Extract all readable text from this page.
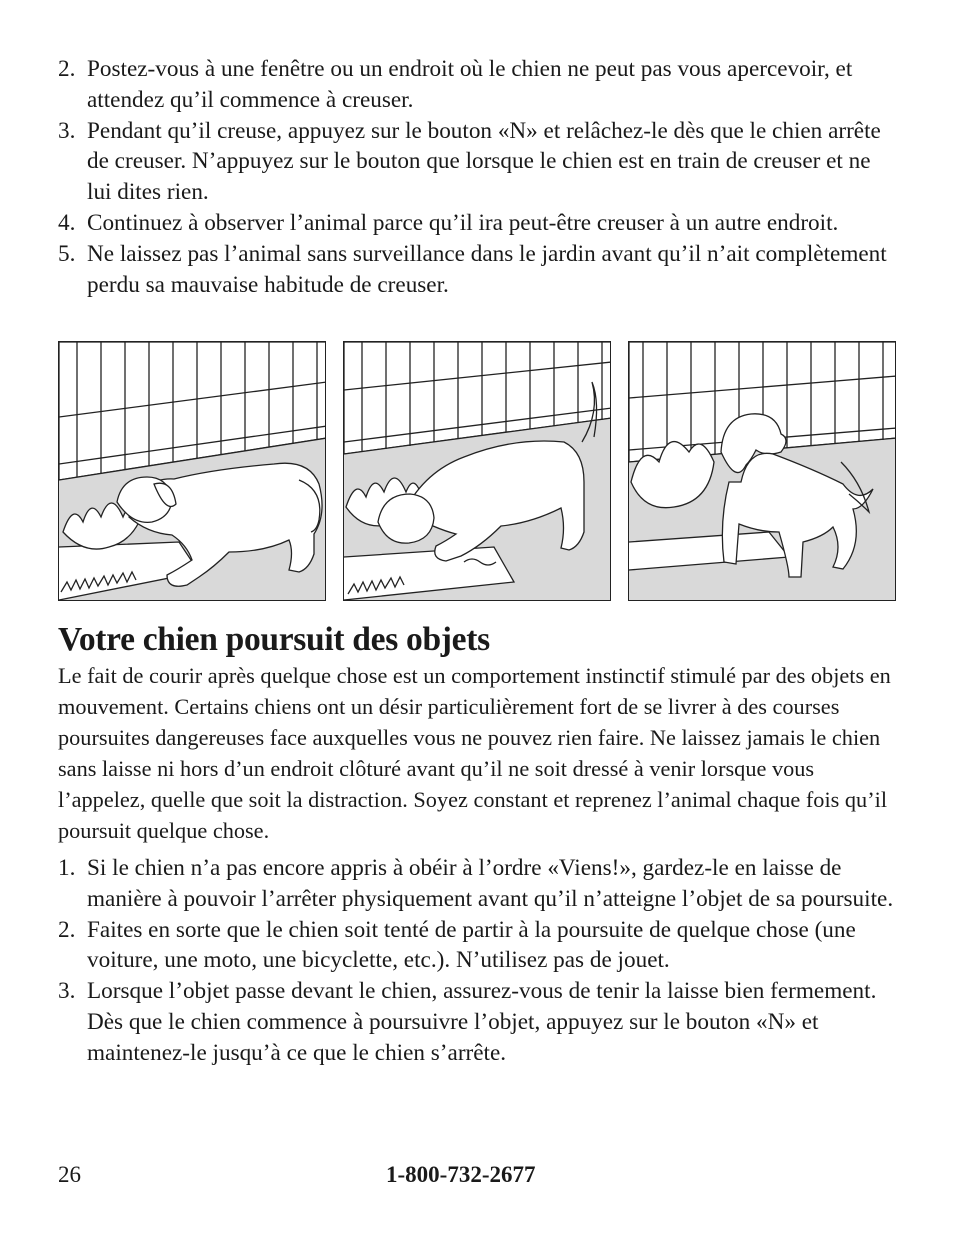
2. Postez-vous à une fenêtre ou un endroit où le chien ne peut pas vous apercevoir, et attendez qu’il commence à creuser.
3. Pendant qu’il creuse, appuyez sur le bouton «N» et relâchez-le dès que le chien arrête de creuser. N’appuyez sur le bouton que lorsque le chien est en train de creuser et ne lui dites rien.
4. Continuez à observer l’animal parce qu’il ira peut-être creuser à un autre endroit.
5. Ne laissez pas l’animal sans surveillance dans le jardin avant qu’il n’ait complètement perdu sa mauvaise habitude de creuser.
Votre chien poursuit des objets

Le fait de courir après quelque chose est un comportement instinctif stimulé par des objets en mouvement. Certains chiens ont un désir particulièrement fort de se livrer à des courses poursuites dangereuses face auxquelles vous ne pouvez rien faire. Ne laissez jamais le chien sans laisse ni hors d’un endroit clôturé avant qu’il ne soit dressé à venir lorsque vous l’appelez, quelle que soit la distraction. Soyez constant et reprenez l’animal chaque fois qu’il poursuit quelque chose.

1. Si le chien n’a pas encore appris à obéir à l’ordre «Viens!», gardez-le en laisse de manière à pouvoir l’arrêter physiquement avant qu’il n’atteigne l’objet de sa poursuite.
2. Faites en sorte que le chien soit tenté de partir à la poursuite de quelque chose (une voiture, une moto, une bicyclette, etc.). N’utilisez pas de jouet.
3. Lorsque l’objet passe devant le chien, assurez-vous de tenir la laisse bien fermement. Dès que le chien commence à poursuivre l’objet, appuyez sur le bouton «N» et maintenez-le jusqu’à ce que le chien s’arrête.
26	1-800-732-2677
